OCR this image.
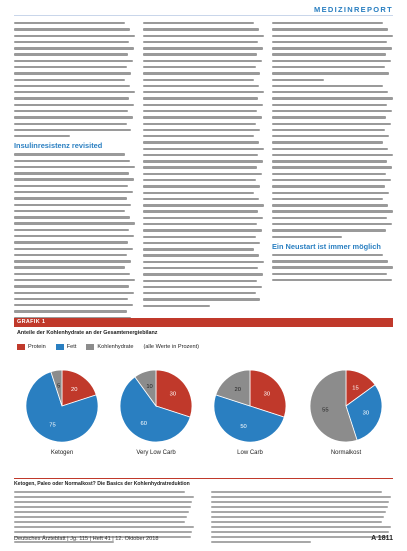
MEDIZINREPORT
Insulinresistenz revisited
Ein Neustart ist immer möglich
GRAFIK 1
Anteile der Kohlenhydrate an der Gesamtenergiebilanz
Protein	Fett	Kohlenhydrate (alle Werte in Prozent)
20
75
5
Ketogen
30
60
10
Very Low Carb
30
50
20
Low Carb
15
30
55
Normalkost
Ketogen, Paleo oder Normalkost? Die Basics der Kohlenhydratreduktion
Deutsches Ärzteblatt | Jg. 115 | Heft 41 | 12. Oktober 2018	A 1811
